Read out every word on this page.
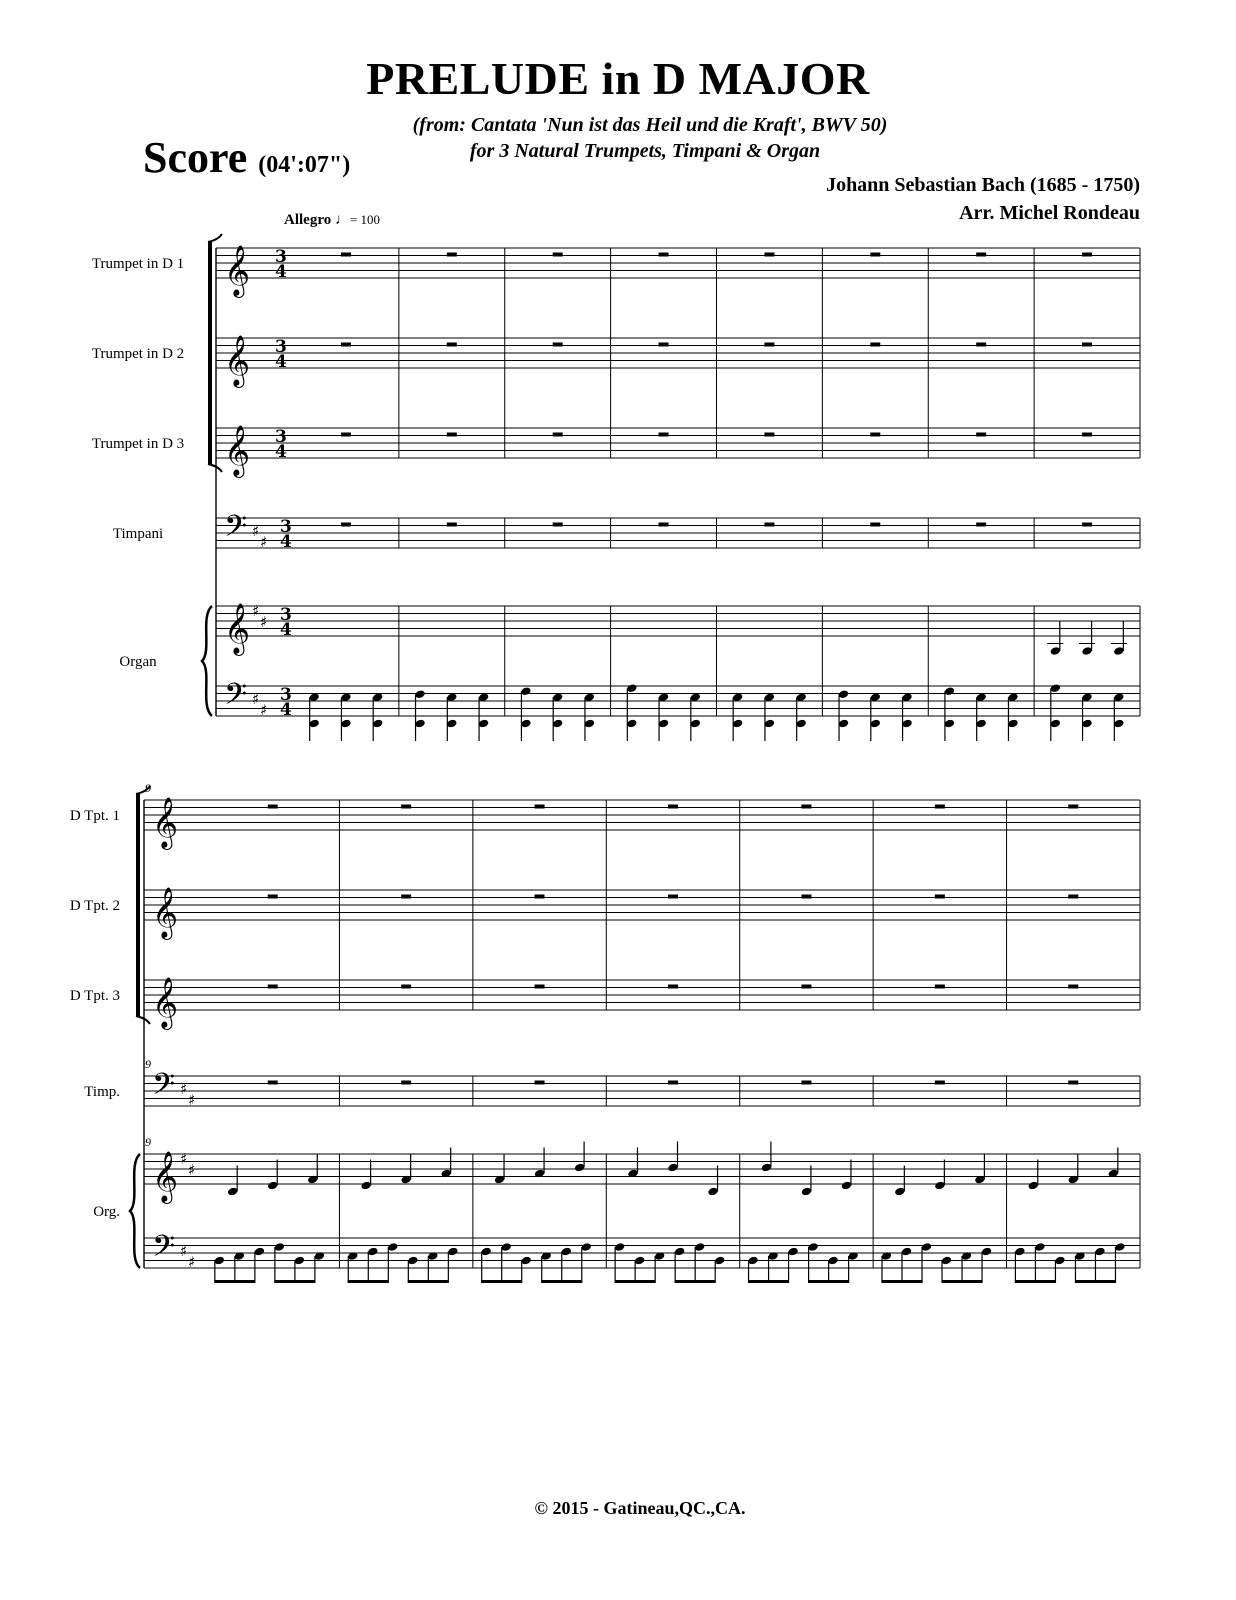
PRELUDE in D MAJOR
(from: Cantata 'Nun ist das Heil und die Kraft', BWV 50)
for 3 Natural Trumpets, Timpani & Organ
Score (04':07")
Johann Sebastian Bach (1685 - 1750)
Arr. Michel Rondeau
Allegro ♩= 100
𝄞
𝄞
𝄞
𝄞
𝄢
𝄢
♯
♯
♯
♯
♯
♯
3
4
3
4
3
4
3
4
3
4
3
4
Trumpet in D 1
Trumpet in D 2
Trumpet in D 3
Timpani
Organ
𝄞
𝄞
𝄞
𝄞
𝄢
𝄢
♯
♯
♯
♯
♯
♯
D Tpt. 1
D Tpt. 2
D Tpt. 3
Timp.
Org.
9
9
9
© 2015 - Gatineau,QC.,CA.
